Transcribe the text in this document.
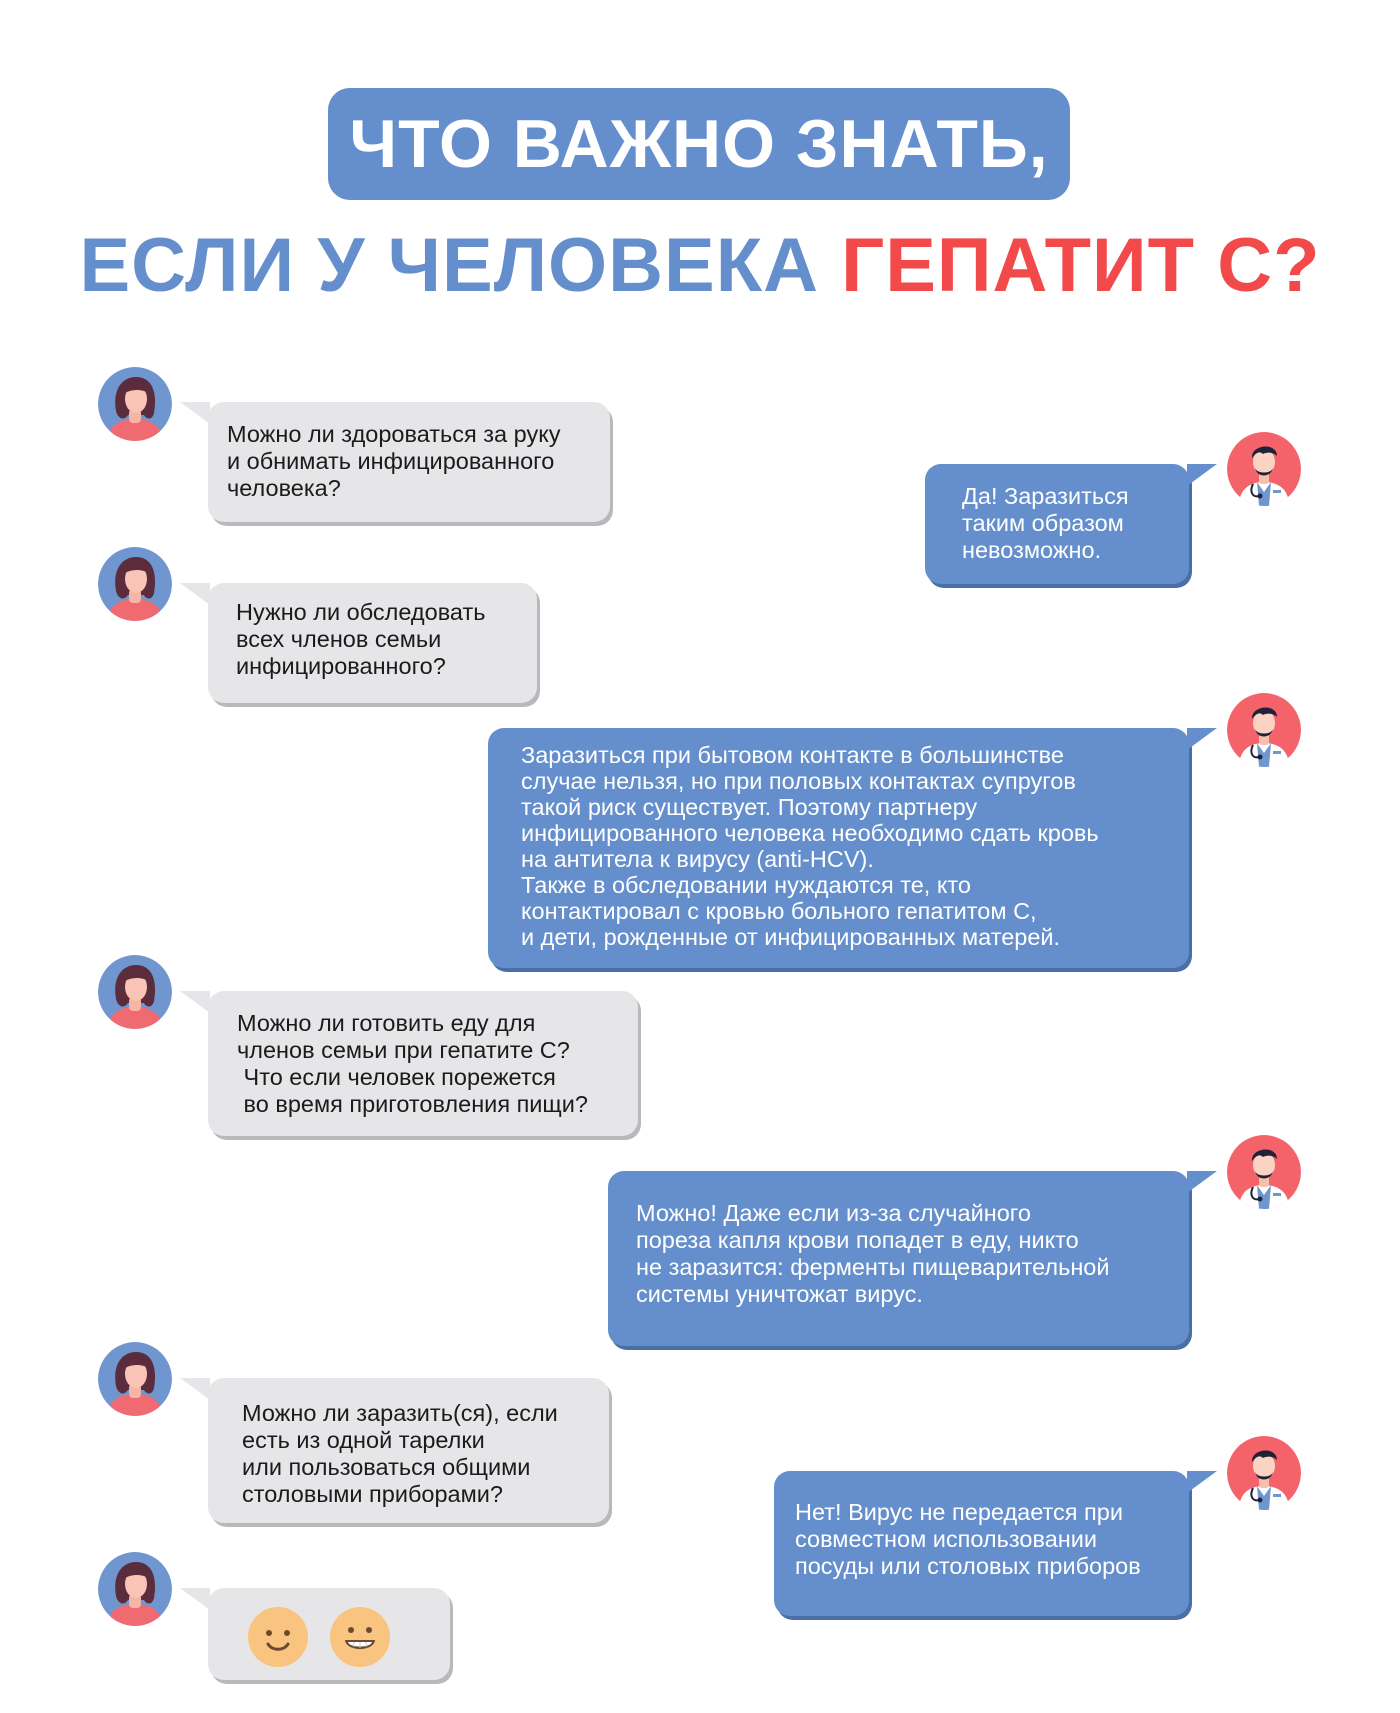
ЧТО ВАЖНО ЗНАТЬ,
ЕСЛИ У ЧЕЛОВЕКА ГЕПАТИТ С?
Можно ли здороваться за руку
и обнимать инфицированного
человека?	Да! Заразиться
таким образом
невозможно.
Нужно ли обследовать
всех членов семьи
инфицированного?
Заразиться при бытовом контакте в большинстве
случае нельзя, но при половых контактах супругов
такой риск существует. Поэтому партнеру
инфицированного человека необходимо сдать кровь
на антитела к вирусу (anti-HCV).
Также в обследовании нуждаются те, кто
контактировал с кровью больного гепатитом С,
и дети, рожденные от инфицированных матерей.
Можно ли готовить еду для
членов семьи при гепатите С?
Что если человек порежется
во время приготовления пищи?
Можно! Даже если из-за случайного
пореза капля крови попадет в еду, никто
не заразится: ферменты пищеварительной
системы уничтожат вирус.
Можно ли заразить(ся), если
есть из одной тарелки
или пользоваться общими
столовыми приборами?
Нет! Вирус не передается при
совместном использовании
посуды или столовых приборов
